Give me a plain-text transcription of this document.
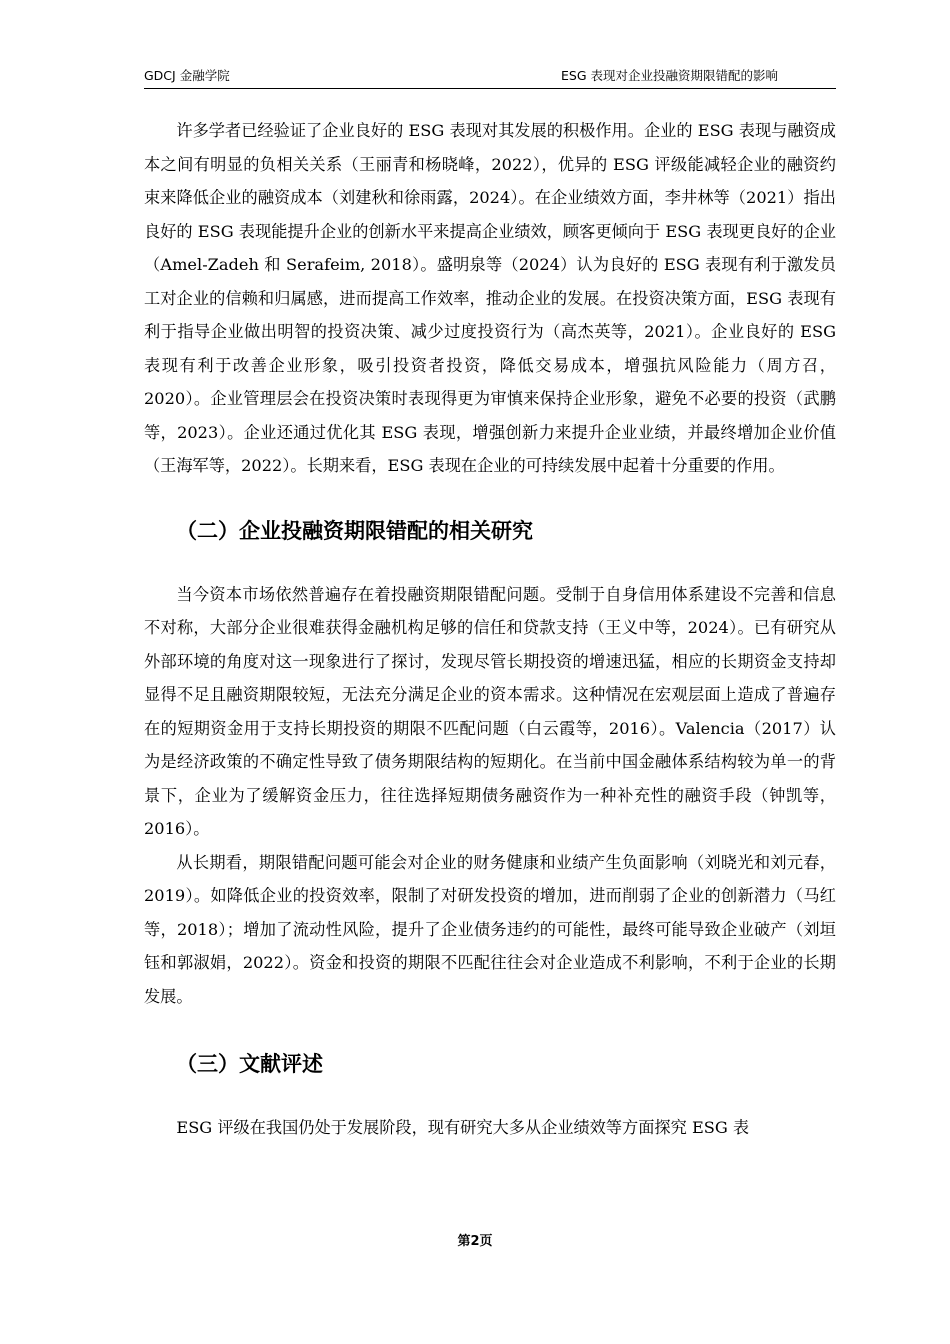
GDCJ 金融学院	ESG 表现对企业投融资期限错配的影响

许多学者已经验证了企业良好的 ESG 表现对其发展的积极作用。企业的 ESG 表现与融资成本之间有明显的负相关关系（王丽青和杨晓峰，2022），优异的 ESG 评级能减轻企业的融资约束来降低企业的融资成本（刘建秋和徐雨露，2024）。在企业绩效方面，李井林等（2021）指出良好的 ESG 表现能提升企业的创新水平来提高企业绩效，顾客更倾向于 ESG 表现更良好的企业（Amel-Zadeh 和 Serafeim, 2018）。盛明泉等（2024）认为良好的 ESG 表现有利于激发员工对企业的信赖和归属感，进而提高工作效率，推动企业的发展。在投资决策方面，ESG 表现有利于指导企业做出明智的投资决策、减少过度投资行为（高杰英等，2021）。企业良好的 ESG 表现有利于改善企业形象，吸引投资者投资，降低交易成本，增强抗风险能力（周方召，2020）。企业管理层会在投资决策时表现得更为审慎来保持企业形象，避免不必要的投资（武鹏等，2023）。企业还通过优化其 ESG 表现，增强创新力来提升企业业绩，并最终增加企业价值（王海军等，2022）。长期来看，ESG 表现在企业的可持续发展中起着十分重要的作用。

（二）企业投融资期限错配的相关研究

当今资本市场依然普遍存在着投融资期限错配问题。受制于自身信用体系建设不完善和信息不对称，大部分企业很难获得金融机构足够的信任和贷款支持（王义中等，2024）。已有研究从外部环境的角度对这一现象进行了探讨，发现尽管长期投资的增速迅猛，相应的长期资金支持却显得不足且融资期限较短，无法充分满足企业的资本需求。这种情况在宏观层面上造成了普遍存在的短期资金用于支持长期投资的期限不匹配问题（白云霞等，2016）。Valencia（2017）认为是经济政策的不确定性导致了债务期限结构的短期化。在当前中国金融体系结构较为单一的背景下，企业为了缓解资金压力，往往选择短期债务融资作为一种补充性的融资手段（钟凯等，2016）。

从长期看，期限错配问题可能会对企业的财务健康和业绩产生负面影响（刘晓光和刘元春，2019）。如降低企业的投资效率，限制了对研发投资的增加，进而削弱了企业的创新潜力（马红等，2018）；增加了流动性风险，提升了企业债务违约的可能性，最终可能导致企业破产（刘垣钰和郭淑娟，2022）。资金和投资的期限不匹配往往会对企业造成不利影响，不利于企业的长期发展。

（三）文献评述

ESG 评级在我国仍处于发展阶段，现有研究大多从企业绩效等方面探究 ESG 表

第2页
